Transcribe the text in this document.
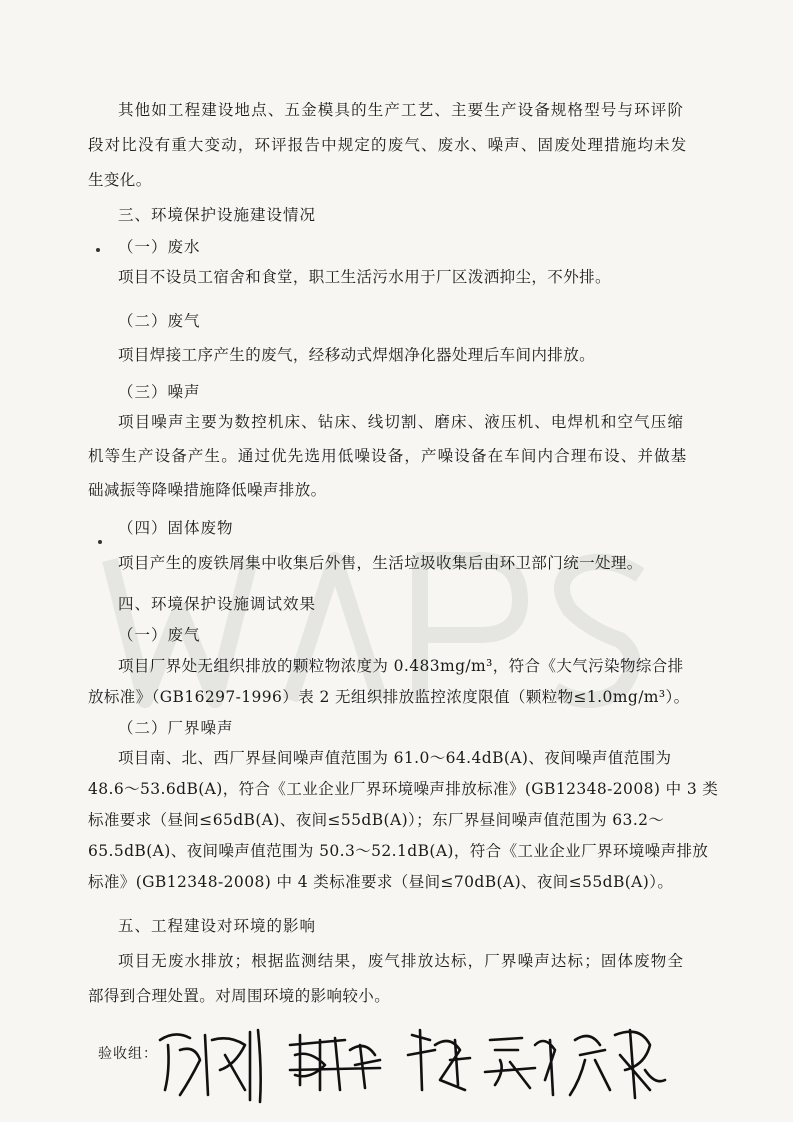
其他如工程建设地点、五金模具的生产工艺、主要生产设备规格型号与环评阶
段对比没有重大变动，环评报告中规定的废气、废水、噪声、固废处理措施均未发
生变化。
三、环境保护设施建设情况
（一）废水
项目不设员工宿舍和食堂，职工生活污水用于厂区泼洒抑尘，不外排。
（二）废气
项目焊接工序产生的废气，经移动式焊烟净化器处理后车间内排放。
（三）噪声
项目噪声主要为数控机床、钻床、线切割、磨床、液压机、电焊机和空气压缩
机等生产设备产生。通过优先选用低噪设备，产噪设备在车间内合理布设、并做基
础减振等降噪措施降低噪声排放。
（四）固体废物
项目产生的废铁屑集中收集后外售，生活垃圾收集后由环卫部门统一处理。
四、环境保护设施调试效果
（一）废气
项目厂界处无组织排放的颗粒物浓度为 0.483mg/m³，符合《大气污染物综合排
放标准》（GB16297-1996）表 2 无组织排放监控浓度限值（颗粒物≤1.0mg/m³）。
（二）厂界噪声
项目南、北、西厂界昼间噪声值范围为 61.0～64.4dB(A)、夜间噪声值范围为
48.6～53.6dB(A)，符合《工业企业厂界环境噪声排放标准》(GB12348-2008) 中 3 类
标准要求（昼间≤65dB(A)、夜间≤55dB(A)）；东厂界昼间噪声值范围为 63.2～
65.5dB(A)、夜间噪声值范围为 50.3～52.1dB(A)，符合《工业企业厂界环境噪声排放
标准》(GB12348-2008) 中 4 类标准要求（昼间≤70dB(A)、夜间≤55dB(A)）。
五、工程建设对环境的影响
项目无废水排放；根据监测结果，废气排放达标，厂界噪声达标；固体废物全
部得到合理处置。对周围环境的影响较小。
验收组：
